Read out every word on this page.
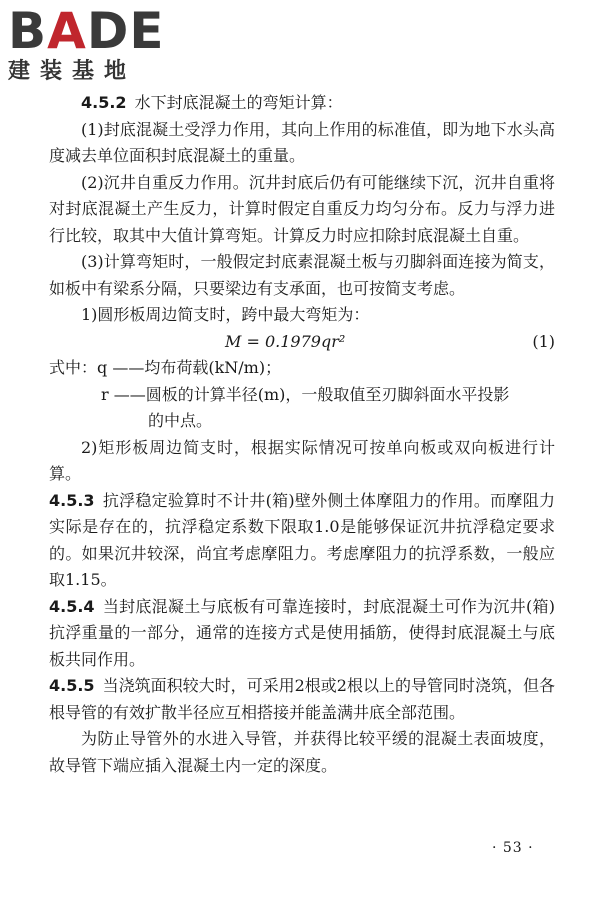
BADE
建装基地

4.5.2 水下封底混凝土的弯矩计算：

(1)封底混凝土受浮力作用，其向上作用的标准值，即为地下水头高度减去单位面积封底混凝土的重量。

(2)沉井自重反力作用。沉井封底后仍有可能继续下沉，沉井自重将对封底混凝土产生反力，计算时假定自重反力均匀分布。反力与浮力进行比较，取其中大值计算弯矩。计算反力时应扣除封底混凝土自重。

(3)计算弯矩时，一般假定封底素混凝土板与刃脚斜面连接为简支，如板中有梁系分隔，只要梁边有支承面，也可按简支考虑。

1)圆形板周边简支时，跨中最大弯矩为：

M = 0.1979qr²	(1)

式中：q ——均布荷载(kN/m)；

r ——圆板的计算半径(m)，一般取值至刃脚斜面水平投影

的中点。

2)矩形板周边简支时，根据实际情况可按单向板或双向板进行计算。

4.5.3 抗浮稳定验算时不计井(箱)壁外侧土体摩阻力的作用。而摩阻力实际是存在的，抗浮稳定系数下限取1.0是能够保证沉井抗浮稳定要求的。如果沉井较深，尚宜考虑摩阻力。考虑摩阻力的抗浮系数，一般应取1.15。

4.5.4 当封底混凝土与底板有可靠连接时，封底混凝土可作为沉井(箱)抗浮重量的一部分，通常的连接方式是使用插筋，使得封底混凝土与底板共同作用。

4.5.5 当浇筑面积较大时，可采用2根或2根以上的导管同时浇筑，但各根导管的有效扩散半径应互相搭接并能盖满井底全部范围。

为防止导管外的水进入导管，并获得比较平缓的混凝土表面坡度，故导管下端应插入混凝土内一定的深度。

· 53 ·
